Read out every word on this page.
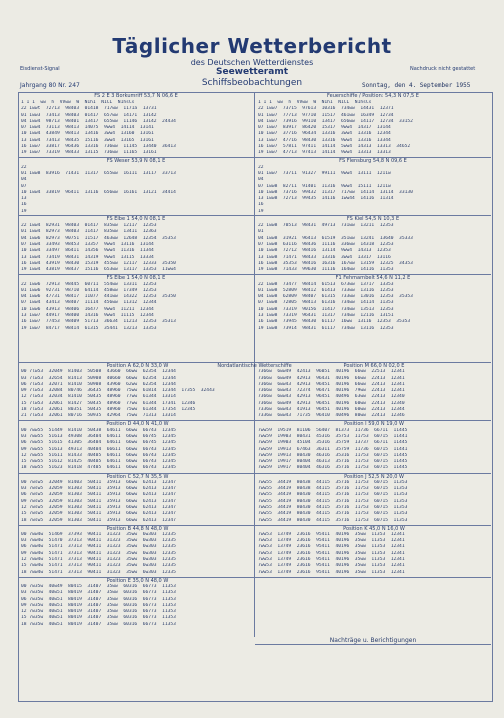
Eisdienst-Signal	Nachdruck nicht gestattet
Täglicher Wetterbericht
des Deutschen Wetterdienstes
Seewetteramt
Schiffsbeobachtungen
Jahrgang 80 Nr. 247	Sonntag, den 4. September 1955
FS 2 E 3 Borkumriff 53,7 N 06,6 E
1 1 1  ww  h  VVww  W  N1h1  N1CL  N1hsCs
22 1wwt  72713  98403  01418  717ww  1171a  13731
01 1ww3  73413  98403  01417  657ww  14171  13142
04 1ww4  98713  98401  13417  655ww  11146  13142  24434
07 1ww4  73113  98413  14075  9ww4  14114  13141
10 1ww4  43849  98413  13416  3ww4  13160  13161
13 1ww4  73413  98435  15116  3ww4  13165  13161
16 1ww7  33817  96436  13316  736ww  11145  13440  36413
19 1ww7  73319  98433  13115  736ww  11165  13161
FS Weser 53,9 N 08,1 E
22
01 1ww8  83916  71431  11317  655ww  16111  13117  33713
04
07
10 1ww4  33819  96411  13116  656ww  16161  13121  34414
13
16
19
FS Elbe 1 54,0 N 08,1 E
22 1ww4  82931  98403  01417  835ww  12117  12353
01 1ww4  82973  98403  11417  835ww  13411  12363
04 1ww6  82973  90751  11517  463ww  12648  12354  35353
07 1ww4  33493  98453  13357  9ww4  13116  13144
10 1ww4  33497  86411  14356  9ww4  11316  11344
13 1ww4  73419  98431  14319  9ww4  13115  13334
16 1ww4  43919  98430  15319  455ww  12117  12333  35350
19 1ww4  43819  98437  15116  653ww  13117  13353  11ww4
FS Elbe 1 54,0 N 08,1 E
22 1ww6  72913  98445  60711  554ww  13311  12353
01 1ww6  92731  98710  64114  458ww  17349  12353
04 1ww6  47731  98417  11077  441ww  14322  12353  35350
07 1ww4  43413  98407  11114  456ww  11312  12344
10 1ww6  43913  98406  16477  9ww4  11211  12344
13 1ww7  44917  98400  14316  9ww4  11115  12344
16 1ww7  77453  98409  51713  36634  11213  12353  35313
19 1ww7  84717  98414  61315  35441  13213  13353
Feuerschiffe / Position: 54,3 N 07,5 E
1 1 1  ww  h  VVww  W  N1h1  N1CL  N1hsCs
22 1ww7  73715  97613  10316  734ww  14431  12371
01 1ww7  77713  97710  11517  461ww  16349  12734
04 1ww7  73916  99110  13417  656ww  14117  12734  33152
07 1ww7  83917  86420  15317  9ww4  14317  13144
10 1ww7  37716  96434  13316  3ww4  13316  12344
13 1ww7  47716  98430  13316  9ww4  13316  13344
16 1ww7  57811  97411  14114  5ww4  14313  13313  34652
19 1ww7  47713  97413  14114  9ww4  13313  13313
FS Flensburg 54,8 N 09,6 E
22
01 1ww7  73711  91327  99111  9ww4  13111  1211w
04
07 1ww8  82711  91401  11316  9ww4  15111  1211w
10 1ww8  73716  99432  11317  717ww  14114  13114  33130
13 1ww8  72713  99435  14116  1ww44  14116  11314
16
19
FS Kiel 54,5 N 10,3 E
22 1ww8  70513  98431  49713  731ww  13211  12353
01
04 1ww8  31921  96413  61519  351ww  13241  13640  35333
07 1ww8  63116  98436  11116  336ww  14318  12353
10 1ww8  72712  98416  13114  9ww4  14313  12353
13 1ww8  71471  98433  13316  3ww4  13317  13116
16 1ww8  35353  98416  16316  167ww  13159  12325  34353
19 1ww8  71433  99630  11116  164ww  14116  11353
F1 Fehmarnbelt 54,6 N 11,2 E
22 1ww8  73477  98414  61513  673ww  13717  13353
01 1ww8  52809  98412  61413  733ww  13116  12353
04 1ww8  62809  98407  61315  733ww  13016  12353  35353
07 1ww8  72805  98413  61316  734ww  14114  11353
10 1ww8  73319  90156  11417  734ww  13513  12353
13 1ww8  73319  96431  11317  734ww  12116  13151
16 1ww8  73945  98430  61117  16ww  13116  12353  35353
19 1ww8  73914  98431  61117  734ww  13116  12353
Position A 62,0 N 33,0 W	Position M 66,0 N 02,0 E
Nordatlantische Wetterschiffe
00 7lw53  32049  81403  50508  43660  66ww  62354  12344	7366w  6ww49  42413  96051  40196  66ww  22513  12341
03 7lw53  32654  81413  50908  40660  66ww  62354  12344	7366w  6ww49  42913  96431  40196  66ww  22413  12341
06 7lw53  32071  81410  50908  43960  62ww  62354  12344	7366w  6ww43  42913  96451  40196  66ww  22413  12341
09 7lw53  32084  80746  36435  48960  75ww  61814  12344  17355  32443	7366w  6ww43  72374  96471  40196  79ww  22413  12341
12 7lw53  32034  81410  50435  48960  77ww  61344  13314	7366w  6ww43  42913  96451  40496  63ww  22413  12340
15 7lw53  32061  81427  50435  48960  77ww  61344  17341  12346	7366w  6ww49  42913  96451  40196  60ww  22413  12340
18 7lw53  32061  80351  50435  48960  75ww  61344  17354  12345	7336w  6ww43  41913  96451  40196  60ww  22413  12344
21 7lw53  32061  80716  50935  42964  75ww  71313  13314	7336w  6ww43  71735  96410  40496  80ww  22413  12346
Position D 44,0 N 41,0 W	Position I 59,0 N 19,0 W
00 7ww55  51449  81410  50438  64611  66ww  66743  12345	7ww59  19519  81106  56407  81373  11736  66711  11445
03 7ww55  51613  49308  36404  64611  66ww  66745  12345	7ww59  19903  80431  45316  35753  11753  60715  11441
06 7ww55  51615  41305  36404  64611  66ww  66745  12345	7ww59  19903  45104  35316  35759  13737  66711  11445
09 7ww55  51613  49313  40404  66611  66ww  66743  12345	7ww59  19913  67463  36311  35759  11736  60715  11441
12 7ww55  51611  81433  40405  64611  66ww  66743  12345	7ww59  19913  80430  46316  35316  11753  60715  11445
15 7ww55  51612  81425  40405  64611  66ww  66743  12345	7ww59  19917  80404  46313  35716  11753  60715  11445
18 7ww55  51623  81418  47405  64611  66ww  66743  12345	7ww59  19917  80404  46316  35716  11753  60715  11445
Position C 52,7 N 35,5 W	Position J 52,5 N 20,0 W
00 7wsw5  32049  81403  50411  35913  66ww  62413  12347	7ww55  34419  80438  44115  35716  11753  60715  11353
03 7wsw5  32059  81303  50411  35913  66ww  62413  12347	7ww55  34419  80438  44115  35716  11753  60715  11353
06 7wsw5  32059  81303  50411  35913  66ww  62413  12347	7ww55  34419  80430  44115  35716  11753  60715  11353
09 7wsw5  32059  81303  50411  35913  66ww  62413  12347	7ww55  34419  80430  44115  35716  11753  60715  11353
12 7wsw5  32059  81303  50411  35913  66ww  62413  12347	7ww55  34419  80430  44115  35716  11753  60715  11353
15 7wsw5  32059  81303  50411  35913  66ww  62413  12347	7ww55  34419  80430  44115  35716  11753  60715  11353
18 7wsw5  32059  81303  50411  35913  66ww  62413  12347	7ww55  34419  80430  44115  35716  11753  60715  11353
Position B 44,8 N 48,0 W	Position K 45,0 N 16,0 W
00 7ww4w  51469  37393  90411  31323  35ww  6w303  12335	7ww53  13749  23616  95411  40196  35ww  11353  12341
03 7ww4w  51470  37313  90411  31323  35ww  6w303  12335	7ww53  13749  23616  95411  40196  35ww  11353  12341
06 7ww4w  51471  37313  90411  31323  35ww  6w303  12335	7ww53  13749  23616  95411  40196  35ww  11353  12341
09 7ww4w  51471  37313  90411  31323  35ww  6w303  12335	7ww53  13749  23616  95411  40196  35ww  11353  12341
12 7ww4w  51471  37313  90411  31323  35ww  6w303  12335	7ww53  13749  23616  95411  40196  35ww  11353  12341
15 7ww4w  51471  37313  90411  31323  35ww  6w303  12335	7ww53  13749  23616  95411  40196  35ww  11353  12341
18 7ww4w  51471  37313  90411  31323  35ww  6w303  12335	7ww53  13749  23616  95411  40196  35ww  11353  12341
Position E 35,0 N 48,0 W
00 7w35w  40w49  80415  31407  35ww  60316  66773  11353
03 7w35w  40w51  80419  31407  35ww  60316  66773  11353
06 7w35w  40w51  80419  31407  35ww  60316  66773  11353
09 7w35w  40w51  80419  31407  35ww  60316  66773  11353
12 7w35w  40w51  80419  31407  35ww  60316  66773  11353
15 7w35w  40w51  80419  31407  35ww  60316  66773  11353
18 7w35w  40w51  80419  31407  35ww  60316  66773  11353
Nachträge u. Berichtigungen
